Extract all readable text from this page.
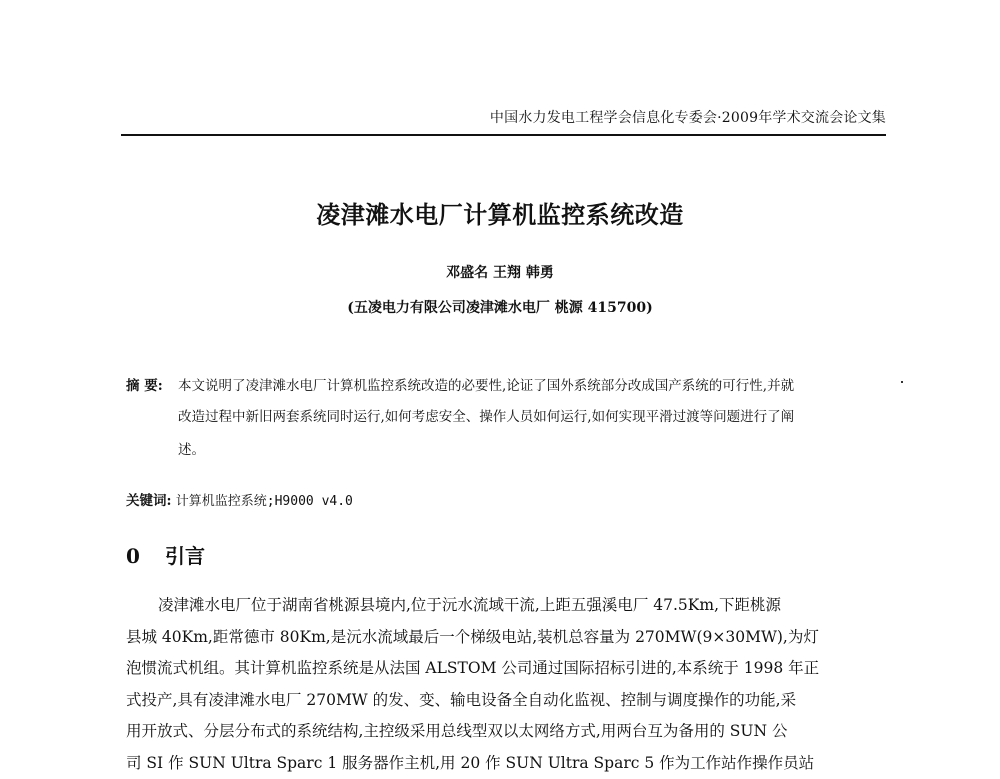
中国水力发电工程学会信息化专委会·2009年学术交流会论文集
凌津滩水电厂计算机监控系统改造
邓盛名 王翔 韩勇
(五凌电力有限公司凌津滩水电厂 桃源 415700)
摘 要:	本文说明了凌津滩水电厂计算机监控系统改造的必要性,论证了国外系统部分改成国产系统的可行性,并就
改造过程中新旧两套系统同时运行,如何考虑安全、操作人员如何运行,如何实现平滑过渡等问题进行了阐
述。
关键词: 计算机监控系统;H9000 v4.0
0 引言
凌津滩水电厂位于湖南省桃源县境内,位于沅水流域干流,上距五强溪电厂 47.5Km,下距桃源
县城 40Km,距常德市 80Km,是沅水流域最后一个梯级电站,装机总容量为 270MW(9×30MW),为灯
泡惯流式机组。其计算机监控系统是从法国 ALSTOM 公司通过国际招标引进的,本系统于 1998 年正
式投产,具有凌津滩水电厂 270MW 的发、变、输电设备全自动化监视、控制与调度操作的功能,采
用开放式、分层分布式的系统结构,主控级采用总线型双以太网络方式,用两台互为备用的 SUN 公
司 SI 作 SUN Ultra Sparc 1 服务器作主机,用 20 作 SUN Ultra Sparc 5 作为工作站作操作员站
